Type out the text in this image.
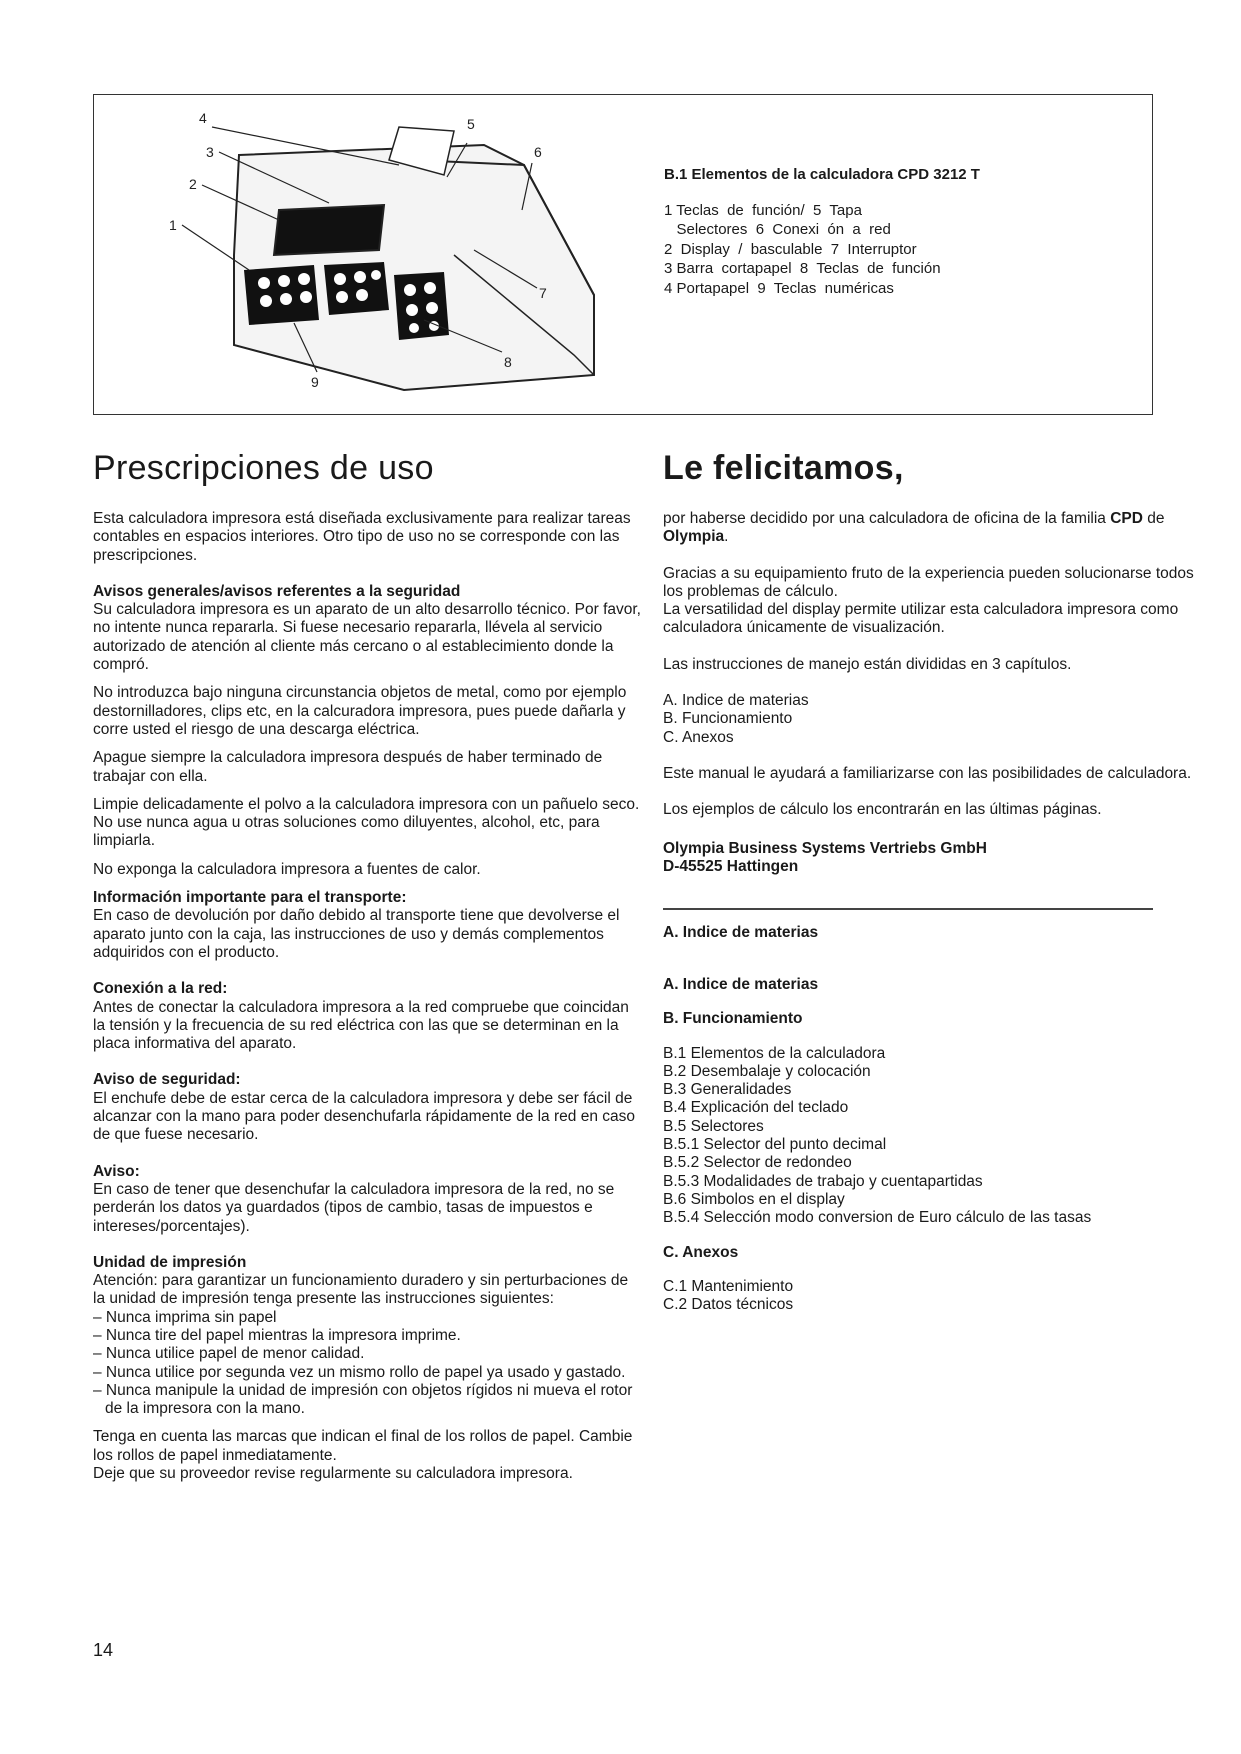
4	5
3	6
2
1
7
8
9
B.1 Elementos de la calculadora CPD 3212 T
1 Teclas  de  función/  5  Tapa
Selectores  6  Conexi  ón  a  red
2  Display  /  basculable  7  Interruptor
3 Barra  cortapapel  8  Teclas  de  función
4 Portapapel  9  Teclas  numéricas
Prescripciones de uso

Esta calculadora impresora está diseñada exclusivamente para realizar tareas contables en espacios interiores. Otro tipo de uso no se corresponde con las prescripciones.

Avisos generales/avisos referentes a la seguridad

Su calculadora impresora es un aparato de un alto desarrollo técnico. Por favor, no intente nunca repararla. Si fuese necesario repararla, llévela al servicio autorizado de atención al cliente más cercano o al establecimiento donde la compró.

No introduzca bajo ninguna circunstancia objetos de metal, como por ejemplo destornilladores, clips etc, en la calcuradora impresora, pues puede dañarla y corre usted el riesgo de una descarga eléctrica.

Apague siempre la calculadora impresora después de haber terminado de trabajar con ella.

Limpie delicadamente el polvo a la calculadora impresora con un pañuelo seco. No use nunca agua u otras soluciones como diluyentes, alcohol, etc, para limpiarla.

No exponga la calculadora impresora a fuentes de calor.

Información importante para el transporte:

En caso de devolución por daño debido al transporte tiene que devolverse el aparato junto con la caja, las instrucciones de uso y demás complementos adquiridos con el producto.

Conexión a la red:

Antes de conectar la calculadora impresora a la red compruebe que coincidan la tensión y la frecuencia de su red eléctrica con las que se determinan en la placa informativa del aparato.

Aviso de seguridad:

El enchufe debe de estar cerca de la calculadora impresora y debe ser fácil de alcanzar con la mano para poder desenchufarla rápidamente de la red en caso de que fuese necesario.

Aviso:

En caso de tener que desenchufar la calculadora impresora de la red, no se perderán los datos ya guardados (tipos de cambio, tasas de impuestos e intereses/porcentajes).

Unidad de impresión

Atención: para garantizar un funcionamiento duradero y sin perturbaciones de la unidad de impresión tenga presente las instrucciones siguientes:

– Nunca imprima sin papel

– Nunca tire del papel mientras la impresora imprime.

– Nunca utilice papel de menor calidad.

– Nunca utilice por segunda vez un mismo rollo de papel ya usado y gastado.

– Nunca manipule la unidad de impresión con objetos rígidos ni mueva el rotor de la impresora con la mano.

Tenga en cuenta las marcas que indican el final de los rollos de papel. Cambie los rollos de papel inmediatamente.

Deje que su proveedor revise regularmente su calculadora impresora.

Le felicitamos,

por haberse decidido por una calculadora de oficina de la familia CPD de Olympia.

Gracias a su equipamiento fruto de la experiencia pueden solucionarse todos los problemas de cálculo.

La versatilidad del display permite utilizar esta calculadora impresora como calculadora únicamente de visualización.

Las instrucciones de manejo están divididas en 3 capítulos.

A. Indice de materias

B. Funcionamiento

C. Anexos

Este manual le ayudará a familiarizarse con las posibilidades de calculadora.

Los ejemplos de cálculo los encontrarán en las últimas páginas.

Olympia Business Systems Vertriebs GmbH

D-45525 Hattingen

A. Indice de materias

A. Indice de materias

B. Funcionamiento

B.1 Elementos de la calculadora

B.2 Desembalaje y colocación

B.3 Generalidades

B.4 Explicación del teclado

B.5 Selectores

B.5.1 Selector del punto decimal

B.5.2 Selector de redondeo

B.5.3 Modalidades de trabajo y cuentapartidas

B.6 Simbolos en el display

B.5.4 Selección modo conversion de Euro cálculo de las tasas

C. Anexos

C.1 Mantenimiento

C.2 Datos técnicos

14
